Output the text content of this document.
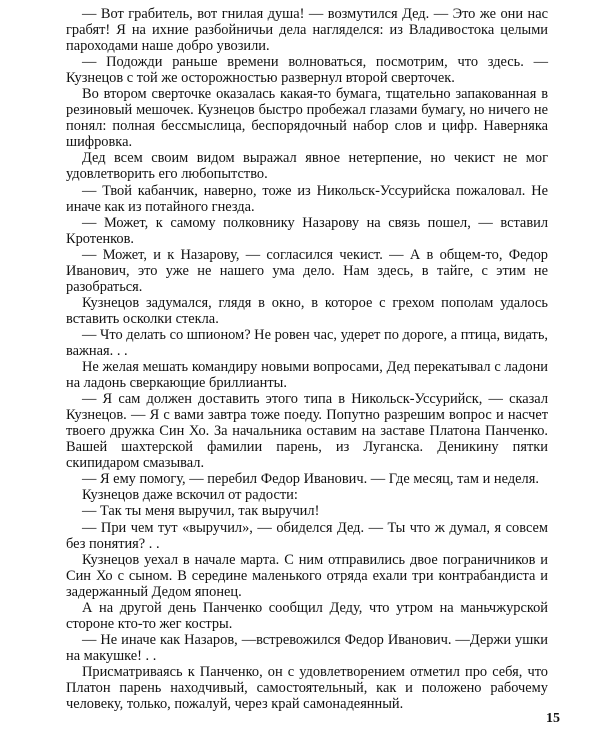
— Вот грабитель, вот гнилая душа! — возмутился Дед. — Это же они нас грабят! Я на ихние разбойничьи дела нагляделся: из Владивостока целыми пароходами наше добро увозили.

— Подожди раньше времени волноваться, посмотрим, что здесь. — Кузнецов с той же осторожностью развернул второй сверточек.

Во втором сверточке оказалась какая-то бумага, тщательно запакованная в резиновый мешочек. Кузнецов быстро пробежал глазами бумагу, но ничего не понял: полная бессмыслица, беспорядочный набор слов и цифр. Наверняка шифровка.

Дед всем своим видом выражал явное нетерпение, но чекист не мог удовлетворить его любопытство.

— Твой кабанчик, наверно, тоже из Никольск-Уссурийска пожаловал. Не иначе как из потайного гнезда.

— Может, к самому полковнику Назарову на связь пошел, — вставил Кротенков.

— Может, и к Назарову, — согласился чекист. — А в общем-то, Федор Иванович, это уже не нашего ума дело. Нам здесь, в тайге, с этим не разобраться.

Кузнецов задумался, глядя в окно, в которое с грехом пополам удалось вставить осколки стекла.

— Что делать со шпионом? Не ровен час, удерет по дороге, а птица, видать, важная. . .

Не желая мешать командиру новыми вопросами, Дед перекатывал с ладони на ладонь сверкающие бриллианты.

— Я сам должен доставить этого типа в Никольск-Уссурийск, — сказал Кузнецов. — Я с вами завтра тоже поеду. Попутно разрешим вопрос и насчет твоего дружка Син Хо. За начальника оставим на заставе Платона Панченко. Вашей шахтерской фамилии парень, из Луганска. Деникину пятки скипидаром смазывал.

— Я ему помогу, — перебил Федор Иванович. — Где месяц, там и неделя.

Кузнецов даже вскочил от радости:

— Так ты меня выручил, так выручил!

— При чем тут «выручил», — обиделся Дед. — Ты что ж думал, я совсем без понятия? . .

Кузнецов уехал в начале марта. С ним отправились двое пограничников и Син Хо с сыном. В середине маленького отряда ехали три контрабандиста и задержанный Дедом японец.

А на другой день Панченко сообщил Деду, что утром на маньчжурской стороне кто-то жег костры.

— Не иначе как Назаров, —встревожился Федор Иванович. —Держи ушки на макушке! . .

Присматриваясь к Панченко, он с удовлетворением отметил про себя, что Платон парень находчивый, самостоятельный, как и положено рабочему человеку, только, пожалуй, через край самонадеянный.

15
